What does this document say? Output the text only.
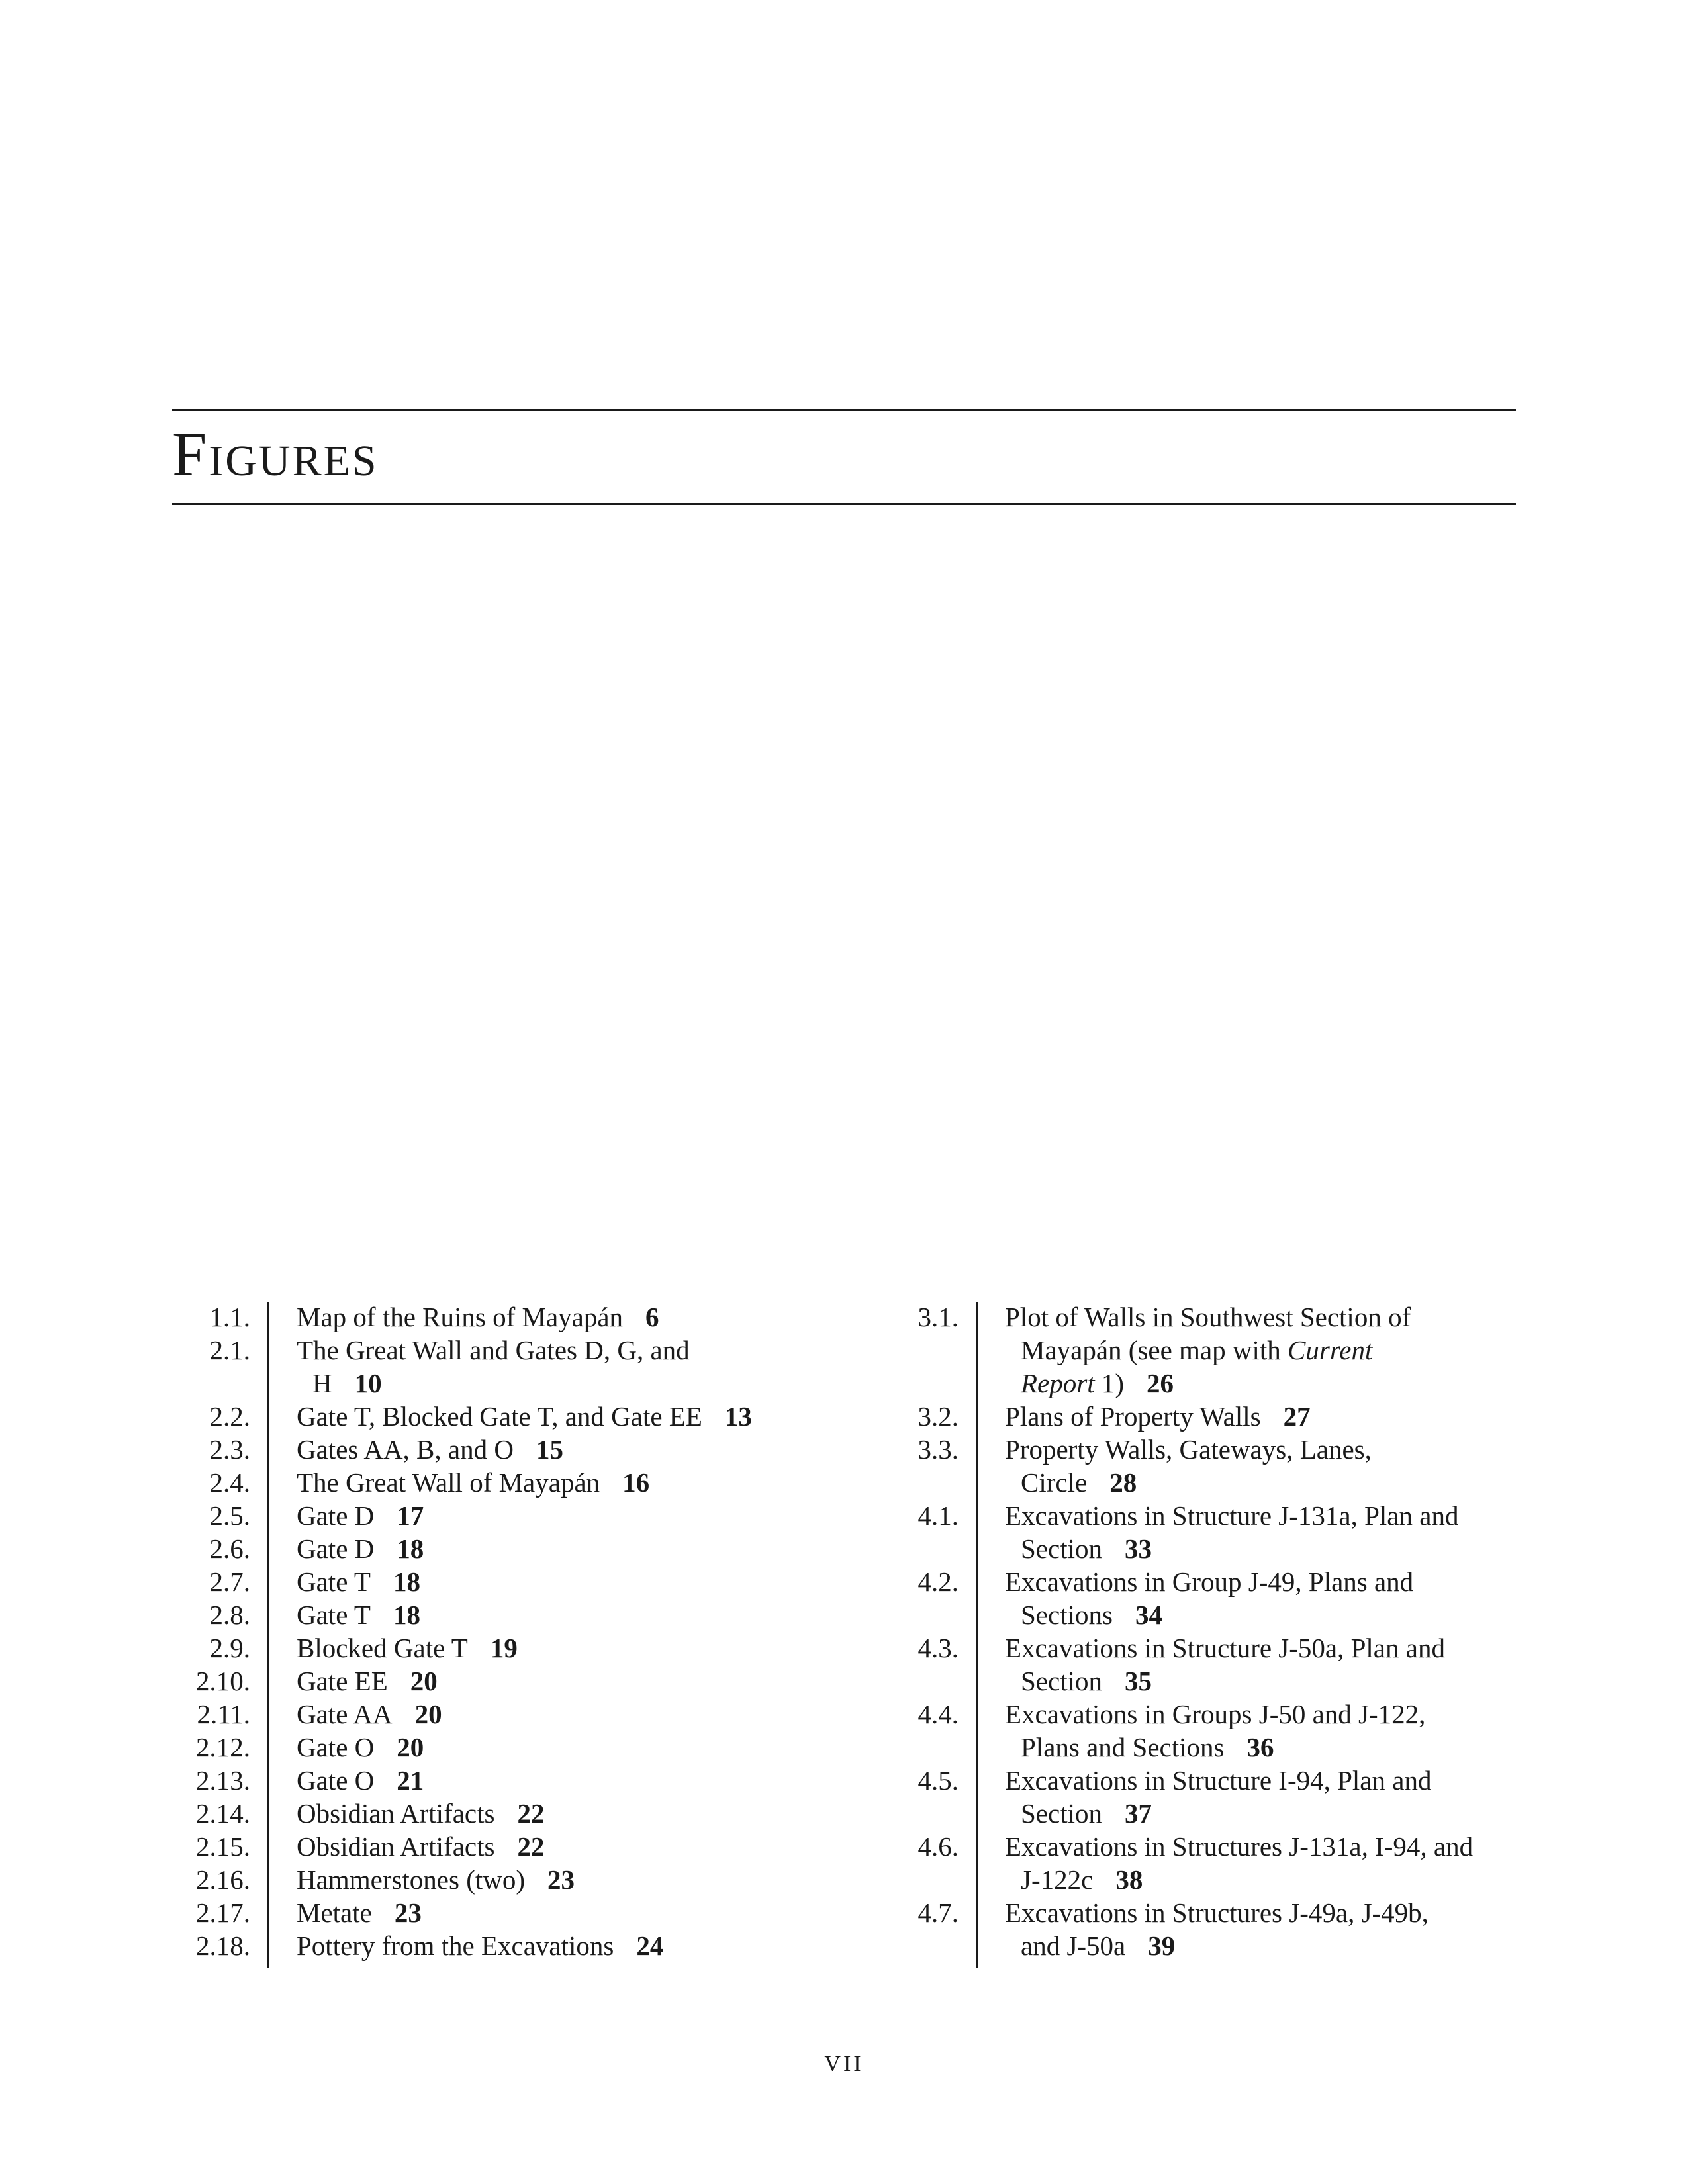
FIGURES
1.1. Map of the Ruins of Mayapán 6
2.1. The Great Wall and Gates D, G, and
H 10
2.2. Gate T, Blocked Gate T, and Gate EE 13
2.3. Gates AA, B, and O 15
2.4. The Great Wall of Mayapán 16
2.5. Gate D 17
2.6. Gate D 18
2.7. Gate T 18
2.8. Gate T 18
2.9. Blocked Gate T 19
2.10. Gate EE 20
2.11. Gate AA 20
2.12. Gate O 20
2.13. Gate O 21
2.14. Obsidian Artifacts 22
2.15. Obsidian Artifacts 22
2.16. Hammerstones (two) 23
2.17. Metate 23
2.18. Pottery from the Excavations 24
3.1. Plot of Walls in Southwest Section of
Mayapán (see map with Current
Report 1) 26
3.2. Plans of Property Walls 27
3.3. Property Walls, Gateways, Lanes,
Circle 28
4.1. Excavations in Structure J-131a, Plan and
Section 33
4.2. Excavations in Group J-49, Plans and
Sections 34
4.3. Excavations in Structure J-50a, Plan and
Section 35
4.4. Excavations in Groups J-50 and J-122,
Plans and Sections 36
4.5. Excavations in Structure I-94, Plan and
Section 37
4.6. Excavations in Structures J-131a, I-94, and
J-122c 38
4.7. Excavations in Structures J-49a, J-49b,
and J-50a 39
VII
